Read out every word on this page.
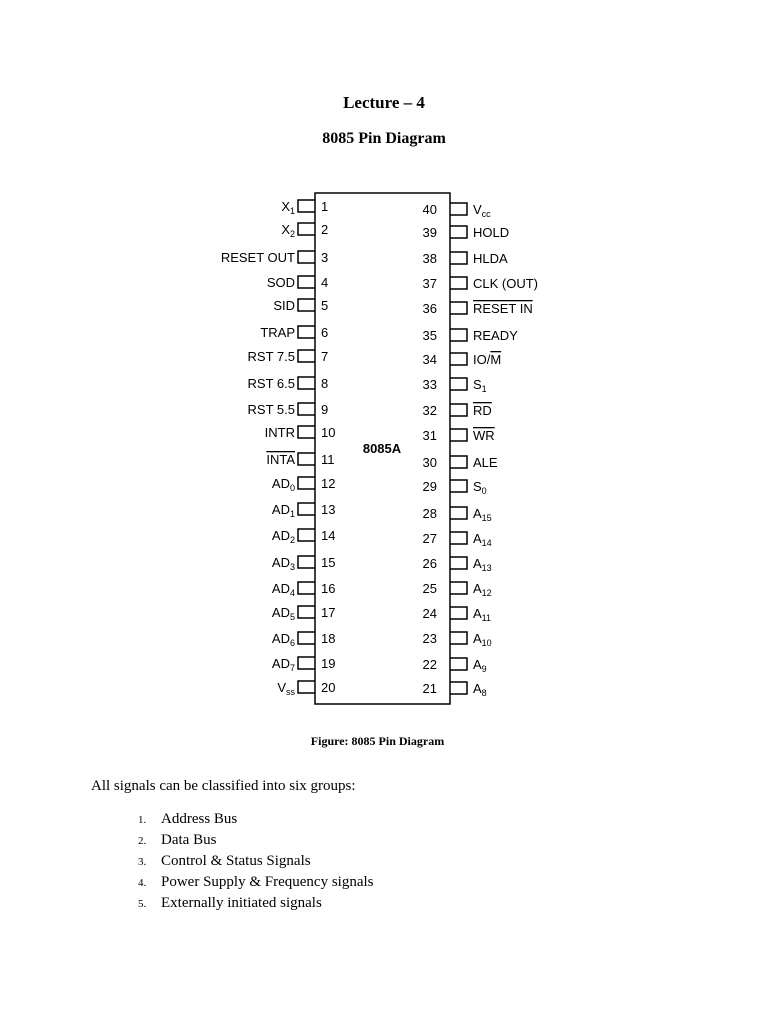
Lecture – 4
8085 Pin Diagram
8085A
1
$X_1$
2
$X_2$
3
RESET OUT
4
SOD
5
SID
6
TRAP
7
RST 7.5
8
RST 6.5
9
RST 5.5
10
INTR
11
INTA
12
$AD_0$
13
$AD_1$
14
$AD_2$
15
$AD_3$
16
$AD_4$
17
$AD_5$
18
$AD_6$
19
$AD_7$
20
$V_{ss}$
40	$V_{cc}$
39	HOLD
38	HLDA
37	CLK (OUT)
36	RESET IN
35	READY
34	IO/M
33	$S_1$
32	RD
31	WR
30	ALE
29	$S_0$
28	$A_{15}$
27	$A_{14}$
26	$A_{13}$
25	$A_{12}$
24	$A_{11}$
23	$A_{10}$
22	$A_9$
21	$A_8$
Figure: 8085 Pin Diagram
All signals can be classified into six groups:
1. Address Bus
2. Data Bus
3. Control & Status Signals
4. Power Supply & Frequency signals
5. Externally initiated signals
